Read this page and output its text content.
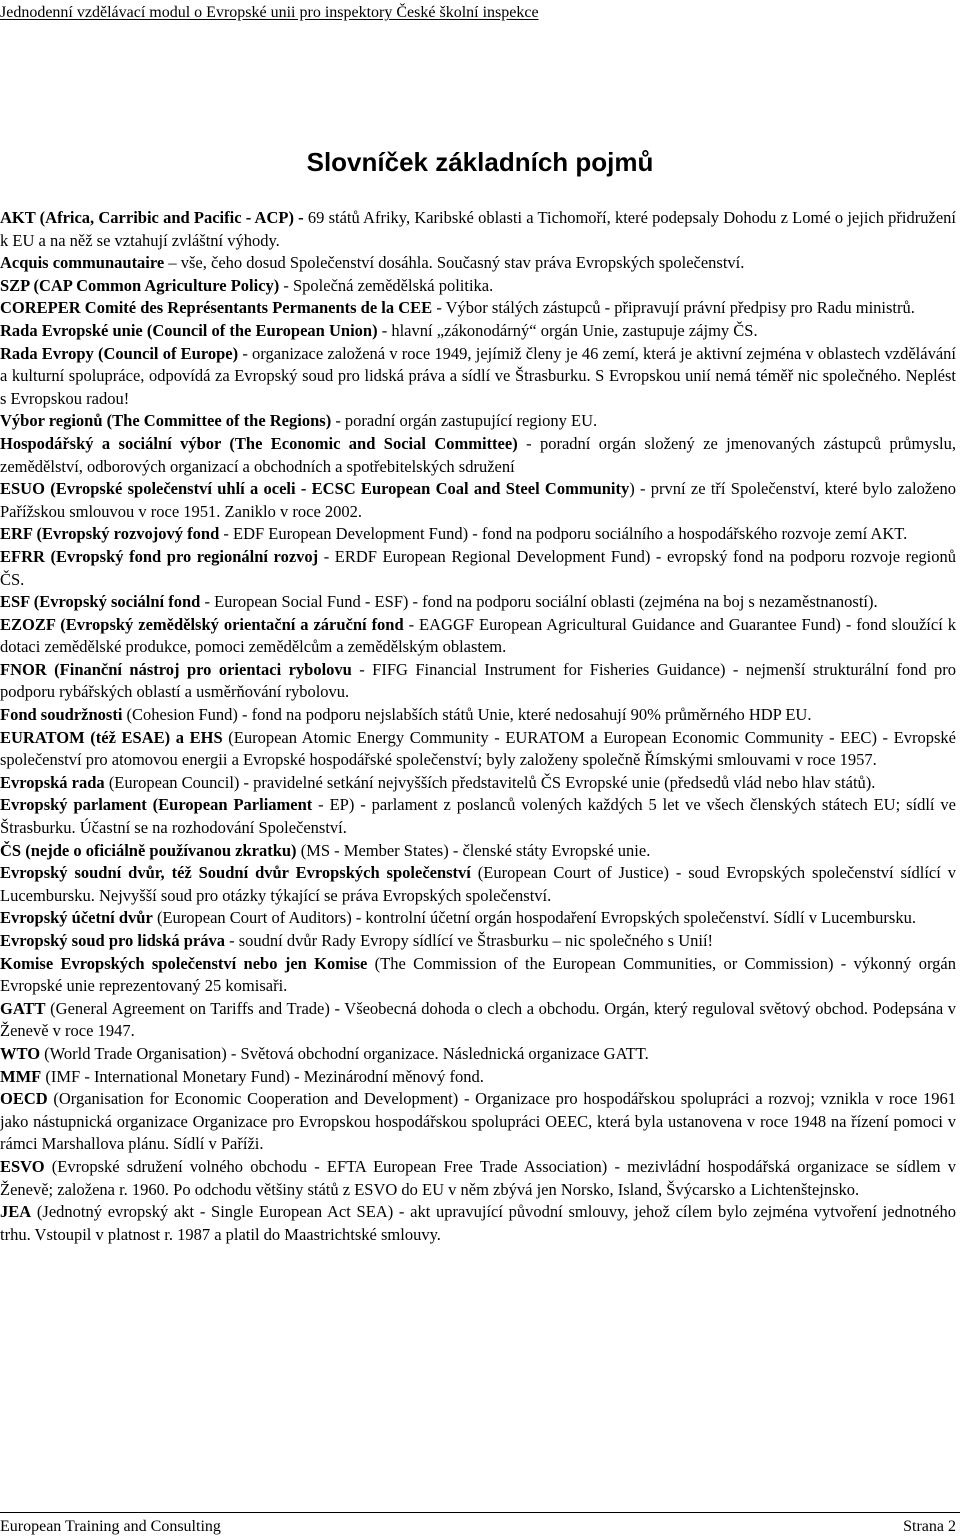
Jednodenní vzdělávací modul o Evropské unii pro inspektory České školní inspekce
Slovníček základních pojmů

AKT (Africa, Carribic and Pacific - ACP) - 69 států Afriky, Karibské oblasti a Tichomoří, které podepsaly Dohodu z Lomé o jejich přidružení k EU a na něž se vztahují zvláštní výhody.

Acquis communautaire – vše, čeho dosud Společenství dosáhla. Současný stav práva Evropských společenství.

SZP (CAP Common Agriculture Policy) - Společná zemědělská politika.

COREPER Comité des Représentants Permanents de la CEE - Výbor stálých zástupců - připravují právní předpisy pro Radu ministrů.

Rada Evropské unie (Council of the European Union) - hlavní „zákonodárný“ orgán Unie, zastupuje zájmy ČS.

Rada Evropy (Council of Europe) - organizace založená v roce 1949, jejímiž členy je 46 zemí, která je aktivní zejména v oblastech vzdělávání a kulturní spolupráce, odpovídá za Evropský soud pro lidská práva a sídlí ve Štrasburku. S Evropskou unií nemá téměř nic společného. Neplést s Evropskou radou!

Výbor regionů (The Committee of the Regions) - poradní orgán zastupující regiony EU.

Hospodářský a sociální výbor (The Economic and Social Committee) - poradní orgán složený ze jmenovaných zástupců průmyslu, zemědělství, odborových organizací a obchodních a spotřebitelských sdružení

ESUO (Evropské společenství uhlí a oceli - ECSC European Coal and Steel Community) - první ze tří Společenství, které bylo založeno Pařížskou smlouvou v roce 1951. Zaniklo v roce 2002.

ERF (Evropský rozvojový fond - EDF European Development Fund) - fond na podporu sociálního a hospodářského rozvoje zemí AKT.

EFRR (Evropský fond pro regionální rozvoj - ERDF European Regional Development Fund) - evropský fond na podporu rozvoje regionů ČS.

ESF (Evropský sociální fond - European Social Fund - ESF) - fond na podporu sociální oblasti (zejména na boj s nezaměstnaností).

EZOZF (Evropský zemědělský orientační a záruční fond - EAGGF European Agricultural Guidance and Guarantee Fund) - fond sloužící k dotaci zemědělské produkce, pomoci zemědělcům a zemědělským oblastem.

FNOR (Finanční nástroj pro orientaci rybolovu - FIFG Financial Instrument for Fisheries Guidance) - nejmenší strukturální fond pro podporu rybářských oblastí a usměrňování rybolovu.

Fond soudržnosti (Cohesion Fund) - fond na podporu nejslabších států Unie, které nedosahují 90% průměrného HDP EU.

EURATOM (též ESAE) a EHS (European Atomic Energy Community - EURATOM a European Economic Community - EEC) - Evropské společenství pro atomovou energii a Evropské hospodářské společenství; byly založeny společně Římskými smlouvami v roce 1957.

Evropská rada (European Council) - pravidelné setkání nejvyšších představitelů ČS Evropské unie (předsedů vlád nebo hlav států).

Evropský parlament (European Parliament - EP) - parlament z poslanců volených každých 5 let ve všech členských státech EU; sídlí ve Štrasburku. Účastní se na rozhodování Společenství.

ČS (nejde o oficiálně používanou zkratku) (MS - Member States) - členské státy Evropské unie.

Evropský soudní dvůr, též Soudní dvůr Evropských společenství (European Court of Justice) - soud Evropských společenství sídlící v Lucembursku. Nejvyšší soud pro otázky týkající se práva Evropských společenství.

Evropský účetní dvůr (European Court of Auditors) - kontrolní účetní orgán hospodaření Evropských společenství. Sídlí v Lucembursku.

Evropský soud pro lidská práva - soudní dvůr Rady Evropy sídlící ve Štrasburku – nic společného s Unií!

Komise Evropských společenství nebo jen Komise (The Commission of the European Communities, or Commission) - výkonný orgán Evropské unie reprezentovaný 25 komisaři.

GATT (General Agreement on Tariffs and Trade) - Všeobecná dohoda o clech a obchodu. Orgán, který reguloval světový obchod. Podepsána v Ženevě v roce 1947.

WTO (World Trade Organisation) - Světová obchodní organizace. Následnická organizace GATT.

MMF (IMF - International Monetary Fund) - Mezinárodní měnový fond.

OECD (Organisation for Economic Cooperation and Development) - Organizace pro hospodářskou spolupráci a rozvoj; vznikla v roce 1961 jako nástupnická organizace Organizace pro Evropskou hospodářskou spolupráci OEEC, která byla ustanovena v roce 1948 na řízení pomoci v rámci Marshallova plánu. Sídlí v Paříži.

ESVO (Evropské sdružení volného obchodu - EFTA European Free Trade Association) - mezivládní hospodářská organizace se sídlem v Ženevě; založena r. 1960. Po odchodu většiny států z ESVO do EU v něm zbývá jen Norsko, Island, Švýcarsko a Lichtenštejnsko.

JEA (Jednotný evropský akt - Single European Act SEA) - akt upravující původní smlouvy, jehož cílem bylo zejména vytvoření jednotného trhu. Vstoupil v platnost r. 1987 a platil do Maastrichtské smlouvy.

European Training and Consulting	Strana 2
